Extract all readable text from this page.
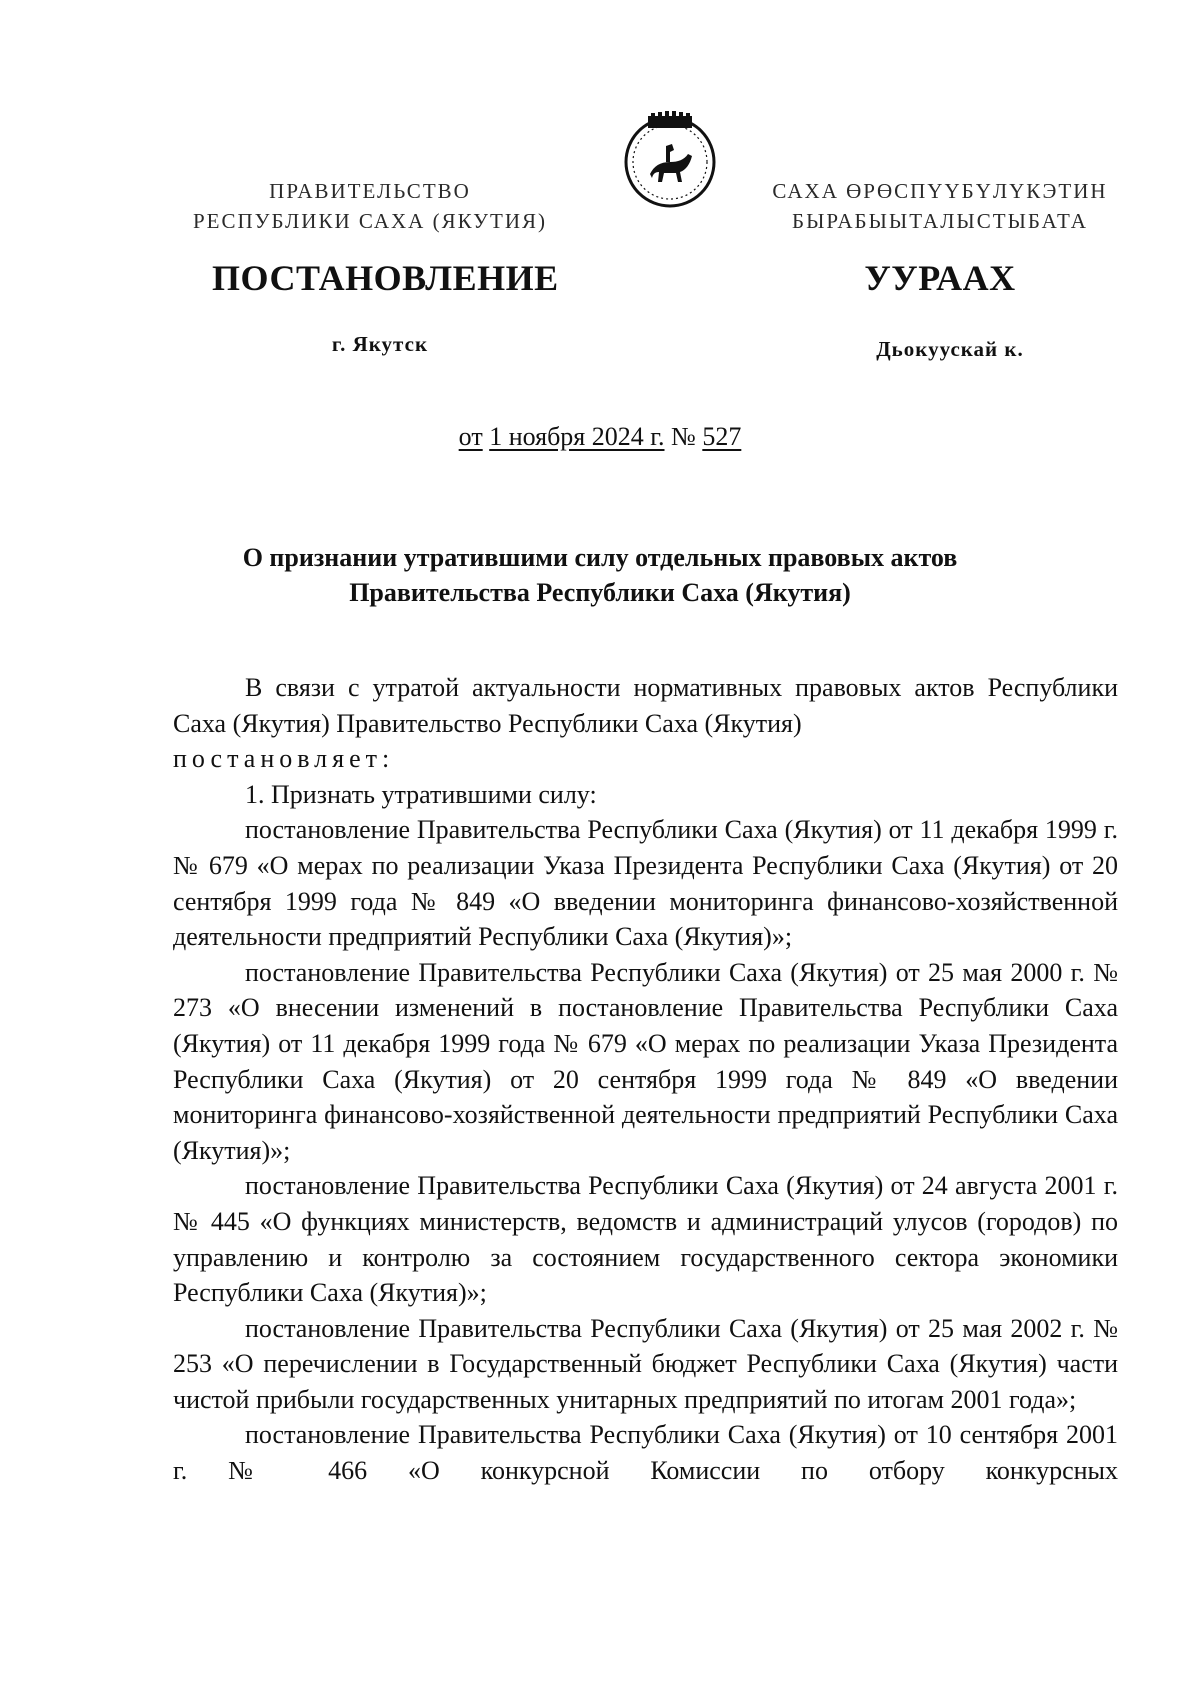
ПРАВИТЕЛЬСТВО
РЕСПУБЛИКИ САХА (ЯКУТИЯ)
САХА ӨРӨСПҮҮБҮЛҮКЭТИН
БЫРАБЫЫТАЛЫСТЫБАТА
ПОСТАНОВЛЕНИЕ	УУРААХ
г. Якутск	Дьокуускай к.
от 1 ноября 2024 г. № 527
О признании утратившими силу отдельных правовых актов
Правительства Республики Саха (Якутия)

В связи с утратой актуальности нормативных правовых актов Республики Саха (Якутия) Правительство Республики Саха (Якутия)
постановляет:

1. Признать утратившими силу:

постановление Правительства Республики Саха (Якутия) от 11 декабря 1999 г. № 679 «О мерах по реализации Указа Президента Республики Саха (Якутия) от 20 сентября 1999 года № 849 «О введении мониторинга финансово-хозяйственной деятельности предприятий Республики Саха (Якутия)»;

постановление Правительства Республики Саха (Якутия) от 25 мая 2000 г. № 273 «О внесении изменений в постановление Правительства Республики Саха (Якутия) от 11 декабря 1999 года № 679 «О мерах по реализации Указа Президента Республики Саха (Якутия) от 20 сентября 1999 года № 849 «О введении мониторинга финансово-хозяйственной деятельности предприятий Республики Саха (Якутия)»;

постановление Правительства Республики Саха (Якутия) от 24 августа 2001 г. № 445 «О функциях министерств, ведомств и администраций улусов (городов) по управлению и контролю за состоянием государственного сектора экономики Республики Саха (Якутия)»;

постановление Правительства Республики Саха (Якутия) от 25 мая 2002 г. № 253 «О перечислении в Государственный бюджет Республики Саха (Якутия) части чистой прибыли государственных унитарных предприятий по итогам 2001 года»;

постановление Правительства Республики Саха (Якутия) от 10 сентября 2001 г. № 466 «О конкурсной Комиссии по отбору конкурсных
